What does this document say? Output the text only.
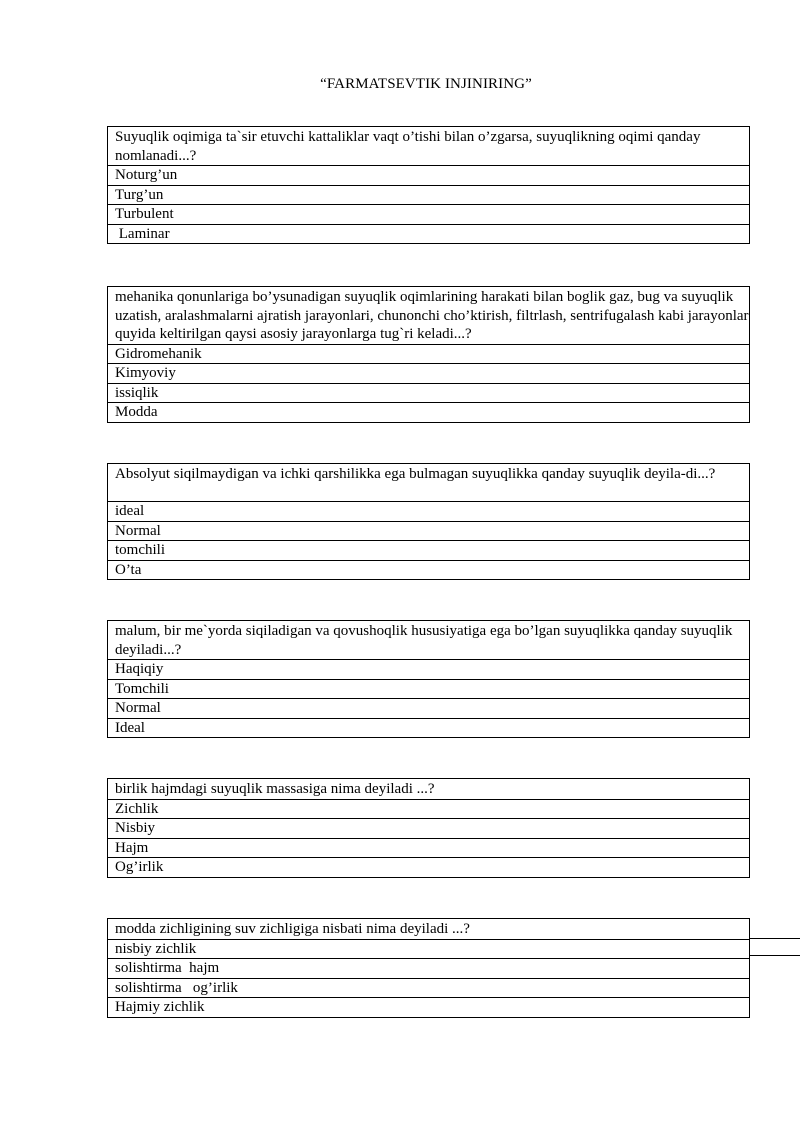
“FARMATSEVTIK INJINIRING”
Suyuqlik oqimiga ta`sir etuvchi kattaliklar vaqt o’tishi bilan o’zgarsa, suyuqlikning oqimi qanday nomlanadi...?
Noturg’un
Turg’un
Turbulent
Laminar
mehanika qonunlariga bo’ysunadigan suyuqlik oqimlarining harakati bilan boglik gaz, bug va suyuqlik uzatish, aralashmalarni ajratish jarayonlari, chunonchi cho’ktirish, filtrlash, sentrifugalash kabi jarayonlar quyida keltirilgan qaysi asosiy jarayonlarga tug`ri keladi...?
Gidromehanik
Kimyoviy
issiqlik
Modda
Absolyut siqilmaydigan va ichki qarshilikka ega bulmagan suyuqlikka qanday suyuqlik deyila-di...?
ideal
Normal
tomchili
O’ta
malum, bir me`yorda siqiladigan va qovushoqlik hususiyatiga ega bo’lgan suyuqlikka qanday suyuqlik deyiladi...?
Haqiqiy
Tomchili
Normal
Ideal
birlik hajmdagi suyuqlik massasiga nima deyiladi ...?
Zichlik
Nisbiy
Hajm
Og’irlik
modda zichligining suv zichligiga nisbati nima deyiladi ...?
nisbiy zichlik
solishtirma  hajm
solishtirma   og’irlik
Hajmiy zichlik
